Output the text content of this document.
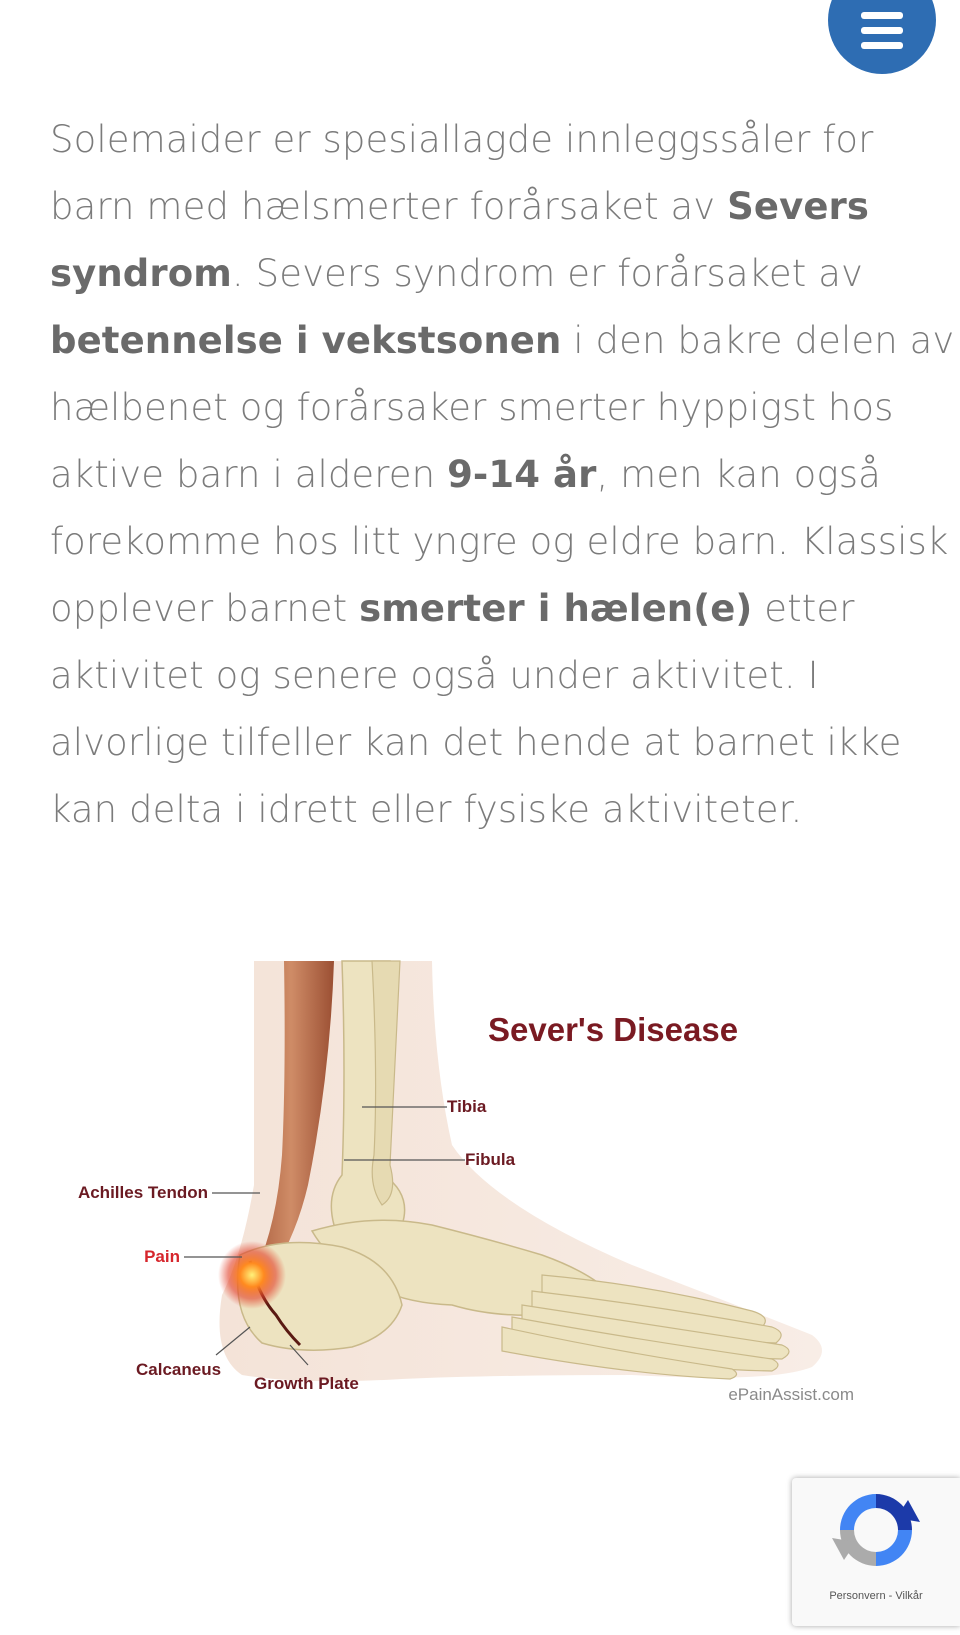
Solemaider er spesiallagde innleggssåler for
barn med hælsmerter forårsaket av Severs
syndrom. Severs syndrom er forårsaket av
betennelse i vekstsonen i den bakre delen av
hælbenet og forårsaker smerter hyppigst hos
aktive barn i alderen 9-14 år, men kan også
forekomme hos litt yngre og eldre barn. Klassisk
opplever barnet smerter i hælen(e) etter
aktivitet og senere også under aktivitet. I
alvorlige tilfeller kan det hende at barnet ikke
kan delta i idrett eller fysiske aktiviteter.
Sever's Disease
Tibia
Fibula
Achilles Tendon
Pain
Calcaneus
Growth Plate
ePainAssist.com
Personvern - Vilkår
